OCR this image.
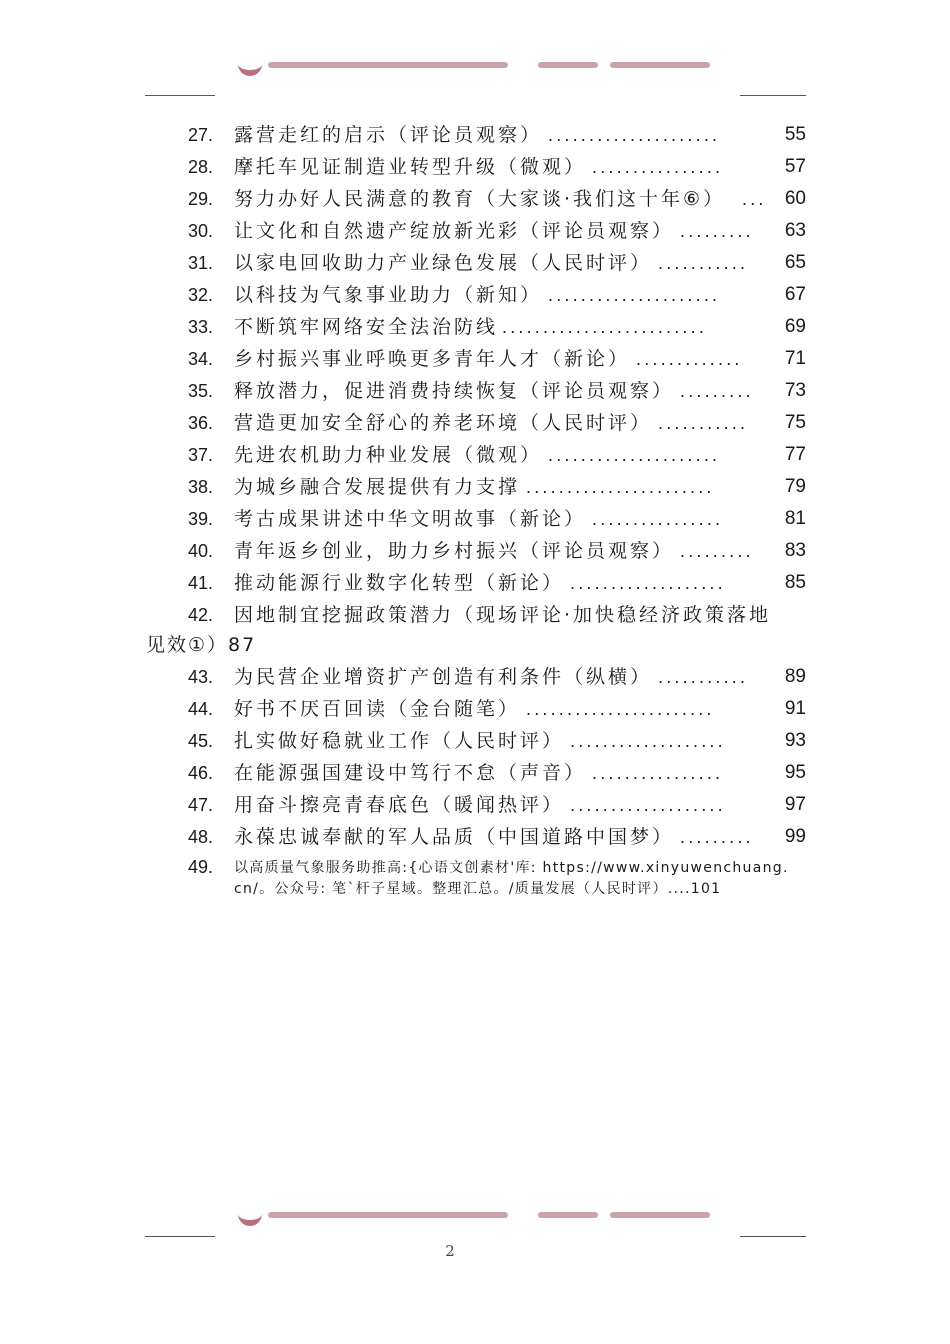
27. 露营走红的启示（评论员观察） .....................	55
28. 摩托车见证制造业转型升级（微观） ................	57
29. 努力办好人民满意的教育（大家谈·我们这十年⑥） ... 60
30. 让文化和自然遗产绽放新光彩（评论员观察） .........	63
31. 以家电回收助力产业绿色发展（人民时评） ...........	65
32. 以科技为气象事业助力（新知） .....................	67
33. 不断筑牢网络安全法治防线 .........................	69
34. 乡村振兴事业呼唤更多青年人才（新论） .............	71
35. 释放潜力，促进消费持续恢复（评论员观察） .........	73
36. 营造更加安全舒心的养老环境（人民时评） ...........	75
37. 先进农机助力种业发展（微观） .....................	77
38. 为城乡融合发展提供有力支撑 .......................	79
39. 考古成果讲述中华文明故事（新论） ................	81
40. 青年返乡创业，助力乡村振兴（评论员观察） .........	83
41. 推动能源行业数字化转型（新论） ...................	85
42. 因地制宜挖掘政策潜力（现场评论·加快稳经济政策落地
见效①）87
43. 为民营企业增资扩产创造有利条件（纵横） ...........	89
44. 好书不厌百回读（金台随笔） .......................	91
45. 扎实做好稳就业工作（人民时评） ...................	93
46. 在能源强国建设中笃行不怠（声音） ................	95
47. 用奋斗擦亮青春底色（暖闻热评） ...................	97
48. 永葆忠诚奉献的军人品质（中国道路中国梦） .........	99
49. 以高质量气象服务助推高:{心语文创素材'库: https://www.xinyuwenchuang.
cn/。公众号: 笔`杆子星域。整理汇总。/质量发展（人民时评）....101
2
